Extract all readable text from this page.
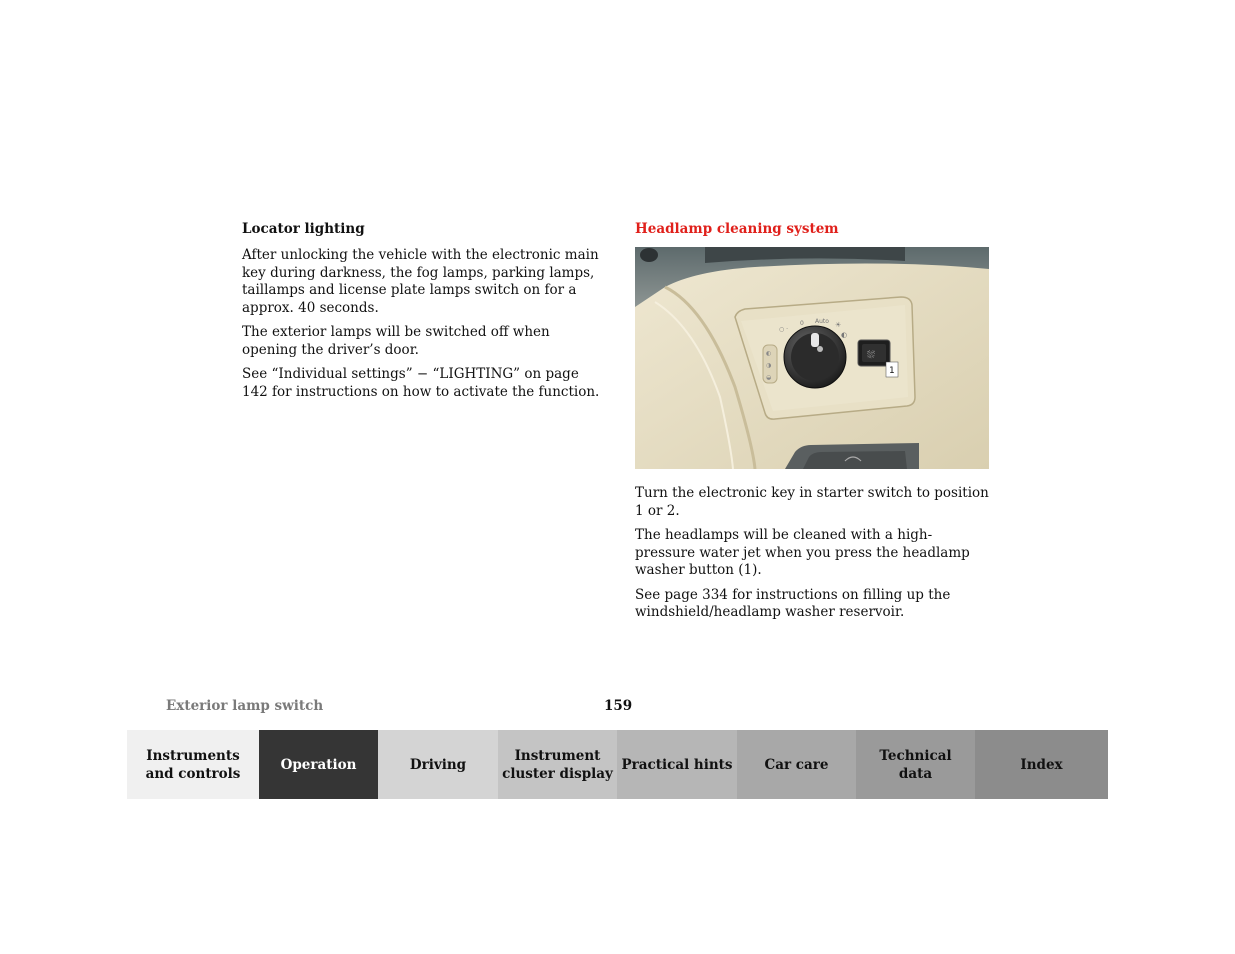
Locator lighting

After unlocking the vehicle with the electronic main key during darkness, the fog lamps, parking lamps, taillamps and license plate lamps switch on for a approx. 40 seconds.

The exterior lamps will be switched off when opening the driver’s door.

See “Individual settings” − “LIGHTING” on page 142 for instructions on how to activate the function.

Headlamp cleaning system
○ ·
0 Auto ☀
◐
◐
◑
◒
⛆
1

Turn the electronic key in starter switch to position 1 or 2.

The headlamps will be cleaned with a high-pressure water jet when you press the headlamp washer button (1).

See page 334 for instructions on filling up the windshield/headlamp washer reservoir.

Exterior lamp switch	159
Instruments
and controls
Operation	Driving
Instrument
cluster display
Practical hints	Car care
Technical
data
Index
